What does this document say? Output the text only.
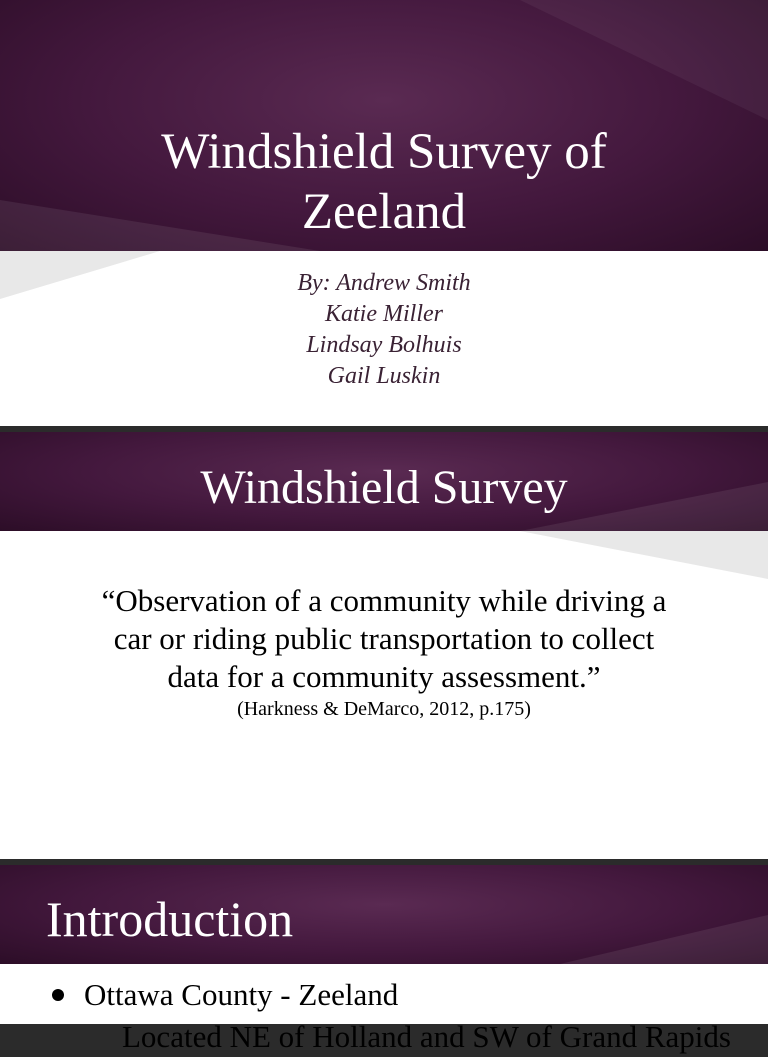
Windshield Survey of
Zeeland
By: Andrew Smith
Katie Miller
Lindsay Bolhuis
Gail Luskin
Windshield Survey
“Observation of a community while driving a
car or riding public transportation to collect
data for a community assessment.”
(Harkness & DeMarco, 2012, p.175)
Introduction
Ottawa County - Zeeland
Located NE of Holland and SW of Grand Rapids
